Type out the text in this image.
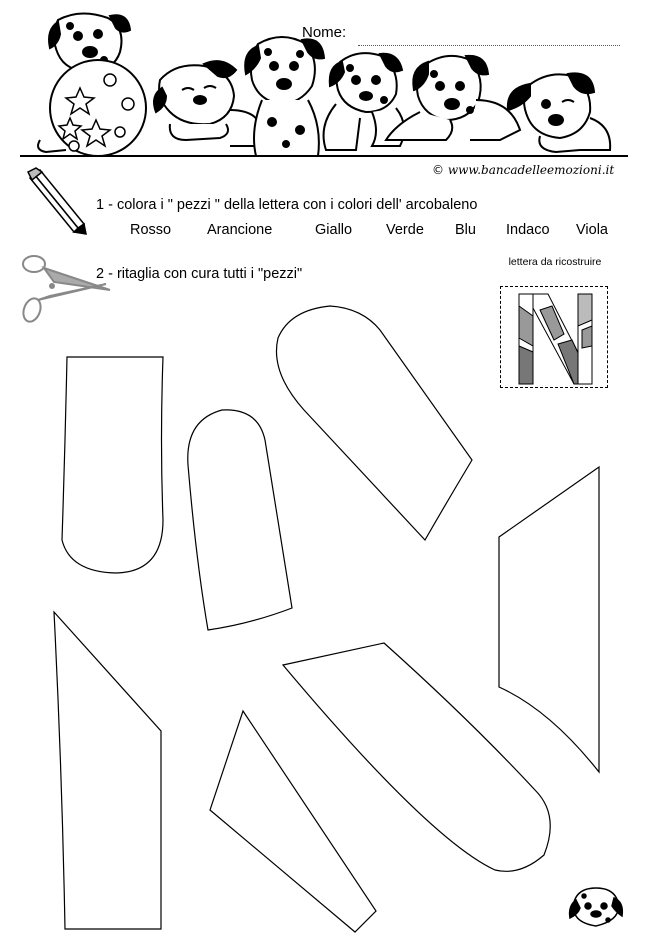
Nome:
© www.bancadelleemozioni.it
1 - colora i " pezzi " della lettera con i colori dell' arcobaleno
Rosso Arancione	Giallo Verde Blu Indaco Viola
2 - ritaglia con cura tutti i "pezzi"
lettera da ricostruire
